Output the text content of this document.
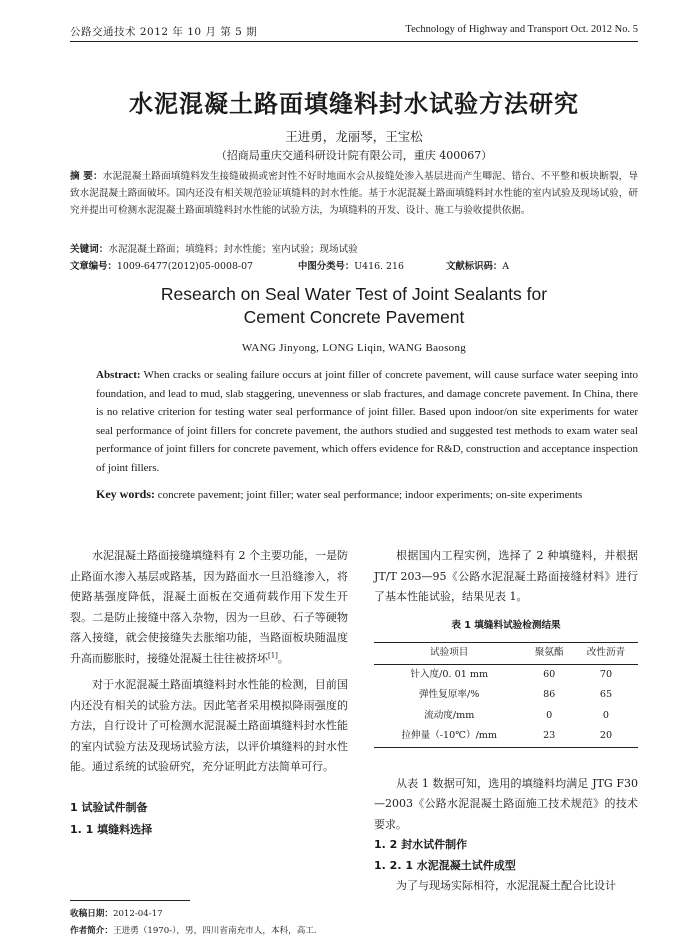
公路交通技术 2012 年 10 月 第 5 期	Technology of Highway and Transport Oct. 2012 No. 5
水泥混凝土路面填缝料封水试验方法研究
王进勇，龙丽琴，王宝松
（招商局重庆交通科研设计院有限公司，重庆 400067）
摘 要：水泥混凝土路面填缝料发生接缝破损或密封性不好时地面水会从接缝处渗入基层进而产生唧泥、错台、不平整和板块断裂，导致水泥混凝土路面破坏。国内还没有相关规范验证填缝料的封水性能。基于水泥混凝土路面填缝料封水性能的室内试验及现场试验，研究并提出可检测水泥混凝土路面填缝料封水性能的试验方法，为填缝料的开发、设计、施工与验收提供依据。
关键词：水泥混凝土路面；填缝料；封水性能；室内试验；现场试验
文章编号：1009-6477(2012)05-0008-07	中图分类号：U416. 216	文献标识码：A
Research on Seal Water Test of Joint Sealants for
Cement Concrete Pavement
WANG Jinyong, LONG Liqin, WANG Baosong
Abstract: When cracks or sealing failure occurs at joint filler of concrete pavement, will cause surface water seeping into foundation, and lead to mud, slab staggering, unevenness or slab fractures, and damage concrete pavement. In China, there is no relative criterion for testing water seal performance of joint filler. Based upon indoor/on site experiments for water seal performance of joint fillers for concrete pavement, the authors studied and suggested test methods to exam water seal performance of joint fillers for concrete pavement, which offers evidence for R&D, construction and acceptance inspection of joint fillers.
Key words: concrete pavement; joint filler; water seal performance; indoor experiments; on-site experiments

水泥混凝土路面接缝填缝料有 2 个主要功能，一是防止路面水渗入基层或路基，因为路面水一旦沿缝渗入，将使路基强度降低，混凝土面板在交通荷载作用下发生开裂。二是防止接缝中落入杂物，因为一旦砂、石子等硬物落入接缝，就会使接缝失去胀缩功能，当路面板块随温度升高而膨胀时，接缝处混凝土往往被挤坏[1]。

对于水泥混凝土路面填缝料封水性能的检测，目前国内还没有相关的试验方法。因此笔者采用模拟降雨强度的方法，自行设计了可检测水泥混凝土路面填缝料封水性能的室内试验方法及现场试验方法，以评价填缝料的封水性能。通过系统的试验研究，充分证明此方法简单可行。

1 试验试件制备

1. 1 填缝料选择

根据国内工程实例，选择了 2 种填缝料，并根据 JT/T 203—95《公路水泥混凝土路面接缝材料》进行了基本性能试验，结果见表 1。

表 1 填缝料试验检测结果
试验项目	聚氨酯	改性沥青
针入度/0. 01 mm	60	70
弹性复原率/%	86	65
流动度/mm	0	0
拉伸量（-10℃）/mm	23	20

从表 1 数据可知，选用的填缝料均满足 JTG F30—2003《公路水泥混凝土路面施工技术规范》的技术要求。

1. 2 封水试件制作

1. 2. 1 水泥混凝土试件成型

为了与现场实际相符，水泥混凝土配合比设计

收稿日期：2012-04-17
作者简介：王进勇（1970-），男，四川省南充市人，本科，高工.
